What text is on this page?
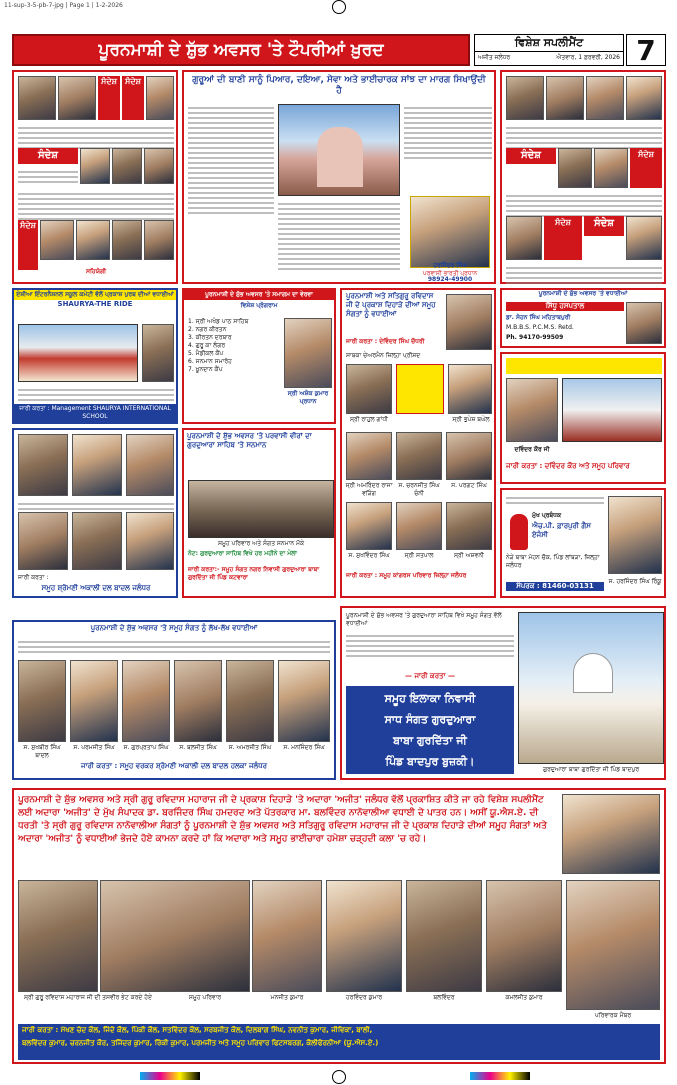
11-sup-3-5-pb-7-jpg | Page 1 | 1-2-2026
ਪੂਰਨਮਾਸ਼ੀ ਦੇ ਸ਼ੁੱਭ ਅਵਸਰ 'ਤੇ ਟੌਪਰੀਆਂ ਖ਼ੁਰਦ	ਵਿਸ਼ੇਸ਼ ਸਪਲੀਮੈਂਟ
ਅਜੀਤ ਜਲੰਧਰ	ਐਤਵਾਰ, 1 ਫ਼ਰਵਰੀ, 2026 7
ਸੰਦੇਸ਼	ਸੰਦੇਸ਼
ਸੰਦੇਸ਼
ਸੰਦੇਸ਼
ਸਹਿਯੋਗੀ
ਗੁਰੂਆਂ ਦੀ ਬਾਣੀ ਸਾਨੂੰ ਪਿਆਰ, ਦਇਆ, ਸੇਵਾ ਅਤੇ ਭਾਈਚਾਰਕ ਸਾਂਝ ਦਾ ਮਾਰਗ ਸਿਖਾਉਂਦੀ ਹੈ
ਹਰਜਿੰਦਰ ਸਿੰਘ
ਪਰਵਾਸੀ ਭਾਰਤੀ ਪ੍ਰਧਾਨ
98924-49900
ਸੰਦੇਸ਼	ਸੰਦੇਸ਼
ਸੰਦੇਸ਼	ਸੰਦੇਸ਼
ਏਸ਼ੀਆ ਇੰਟਰਨੈਸ਼ਨਲ ਸਕੂਲ ਕਮੇਟੀ ਵੱਲੋਂ ਪ੍ਰਕਾਸ਼ ਪੁਰਬ ਦੀਆਂ ਵਧਾਈਆਂ
SHAURYA-THE RIDE
ਜਾਰੀ ਕਰਤਾ : Management SHAURYA INTERNATIONAL SCHOOL
ਪੂਰਨਮਾਸ਼ੀ ਦੇ ਸ਼ੁੱਭ ਅਵਸਰ 'ਤੇ ਸਮਾਗਮ ਦਾ ਵੇਰਵਾ
ਵਿਸ਼ੇਸ਼ ਪ੍ਰੋਗਰਾਮ
1. ਸ੍ਰੀ ਅਖੰਡ ਪਾਠ ਸਾਹਿਬ
2. ਨਗਰ ਕੀਰਤਨ
3. ਕੀਰਤਨ ਦਰਬਾਰ
4. ਗੁਰੂ ਕਾ ਲੰਗਰ
5. ਮੈਡੀਕਲ ਕੈਂਪ
6. ਸਨਮਾਨ ਸਮਾਰੋਹ
7. ਖ਼ੂਨਦਾਨ ਕੈਂਪ
ਸ੍ਰੀ ਅਸ਼ੋਕ ਕੁਮਾਰ ਪ੍ਰਧਾਨ
ਪੂਰਨਮਾਸ਼ੀ ਅਤੇ ਸਤਿਗੁਰੂ ਰਵਿਦਾਸ ਜੀ ਦੇ ਪ੍ਰਕਾਸ਼ ਦਿਹਾੜੇ ਦੀਆਂ ਸਮੂਹ ਸੰਗਤਾਂ ਨੂੰ ਵਧਾਈਆਂ
ਜਾਰੀ ਕਰਤਾ : ਦੇਵਿੰਦਰ ਸਿੰਘ ਚੌਧਰੀ
ਸਾਬਕਾ ਚੇਅਰਮੈਨ ਜ਼ਿਲ੍ਹਾ ਪ੍ਰੀਸ਼ਦ
ਸ੍ਰੀ ਰਾਹੁਲ ਗਾਂਧੀ	ਸ੍ਰੀ ਭੁਪੇਸ਼ ਬਘੇਲ
ਸ੍ਰੀ ਅਮਰਿੰਦਰ ਰਾਜਾ ਵੜਿੰਗ
ਸ. ਚਰਨਜੀਤ ਸਿੰਘ ਚੰਨੀ
ਸ. ਪਰਗਟ ਸਿੰਘ
ਸ. ਸੁਖਵਿੰਦਰ ਸਿੰਘ	ਸ੍ਰੀ ਸਤਪਾਲ	ਸ੍ਰੀ ਅਸ਼ਵਨੀ
ਜਾਰੀ ਕਰਤਾ : ਸਮੂਹ ਕਾਂਗਰਸ ਪਰਿਵਾਰ ਜ਼ਿਲ੍ਹਾ ਜਲੰਧਰ
ਪੂਰਨਮਾਸ਼ੀ ਦੇ ਸ਼ੁੱਭ ਅਵਸਰ 'ਤੇ ਵਧਾਈਆਂ
ਸਿੱਧੂ ਹਸਪਤਾਲ
ਡਾ. ਸੋਹਨ ਸਿੰਘ ਮਹਿਤਾਬਪੁਰੀ
M.B.B.S. P.C.M.S. Retd.
Ph. 94170-99509
ਦਵਿੰਦਰ ਕੌਰ ਜੀ
ਜਾਰੀ ਕਰਤਾ : ਦਵਿੰਦਰ ਕੌਰ ਅਤੇ ਸਮੂਹ ਪਰਿਵਾਰ
ਮੁੱਖ ਪ੍ਰਬੰਧਕ
ਐਚ.ਪੀ. ਫ਼ਾਰਪੁਰੀ ਗੈਸ ਏਜੰਸੀ
ਨੇੜੇ ਬਾਬਾ ਮੋਹਨ ਚੌਕ, ਪਿੰਡ ਲਾਂਬੜਾ, ਜ਼ਿਲ੍ਹਾ ਜਲੰਧਰ
ਸੰਪਰਕ : 81460-03131
ਸ. ਹਰਜਿੰਦਰ ਸਿੰਘ ਰਿੰਕੂ
ਜਾਰੀ ਕਰਤਾ :
ਸਮੂਹ ਸ਼੍ਰੋਮਣੀ ਅਕਾਲੀ ਦਲ ਬਾਦਲ ਜਲੰਧਰ
ਪੂਰਨਮਾਸ਼ੀ ਦੇ ਸ਼ੁੱਭ ਅਵਸਰ 'ਤੇ ਪਰਵਾਸੀ ਵੀਰਾਂ ਦਾ ਗੁਰਦੁਆਰਾ ਸਾਹਿਬ 'ਤੇ ਸਨਮਾਨ
ਸਮੂਹ ਪਰਿਵਾਰ ਅਤੇ ਸੰਗਤ ਸਨਮਾਨ ਮੌਕੇ
ਨੋਟ: ਗੁਰਦੁਆਰਾ ਸਾਹਿਬ ਵਿਖੇ ਹਰ ਮਹੀਨੇ ਦਾ ਮੇਲਾ
ਜਾਰੀ ਕਰਤਾ:- ਸਮੂਹ ਸੰਗਤ ਨਗਰ ਨਿਵਾਸੀ ਗੁਰਦੁਆਰਾ ਬਾਬਾ ਗੁਰਦਿੱਤਾ ਜੀ ਪਿੰਡ ਕਟਵਾਰਾ
ਪੂਰਨਮਾਸ਼ੀ ਦੇ ਸ਼ੁੱਭ ਅਵਸਰ 'ਤੇ ਸਮੂਹ ਸੰਗਤ ਨੂੰ ਲੱਖ-ਲੱਖ ਵਧਾਈਆਂ
ਸ. ਸੁਖਬੀਰ ਸਿੰਘ ਬਾਦਲ
ਸ. ਪਰਮਜੀਤ ਸਿੰਘ	ਸ. ਗੁਰਪ੍ਰਤਾਪ ਸਿੰਘ	ਸ. ਬਲਜੀਤ ਸਿੰਘ	ਸ. ਅਮਰਜੀਤ ਸਿੰਘ	ਸ. ਮਨਜਿੰਦਰ ਸਿੰਘ
ਜਾਰੀ ਕਰਤਾ : ਸਮੂਹ ਵਰਕਰ ਸ਼੍ਰੋਮਣੀ ਅਕਾਲੀ ਦਲ ਬਾਦਲ ਹਲਕਾ ਜਲੰਧਰ
ਪੂਰਨਮਾਸ਼ੀ ਦੇ ਸ਼ੁੱਭ ਅਵਸਰ 'ਤੇ ਗੁਰਦੁਆਰਾ ਸਾਹਿਬ ਵਿਖੇ ਸਮੂਹ ਸੰਗਤ ਵੱਲੋਂ ਵਧਾਈਆਂ
— ਜਾਰੀ ਕਰਤਾ —
ਸਮੂਹ ਇਲਾਕਾ ਨਿਵਾਸੀ
ਸਾਧ ਸੰਗਤ ਗੁਰਦੁਆਰਾ
ਬਾਬਾ ਗੁਰਦਿੱਤਾ ਜੀ
ਪਿੰਡ ਬਾਦਪੁਰ ਬੁਜ਼ਕੀ।
ਗੁਰਦੁਆਰਾ ਬਾਬਾ ਗੁਰਦਿੱਤਾ ਜੀ ਪਿੰਡ ਬਾਦਪੁਰ
ਪੂਰਨਮਾਸ਼ੀ ਦੇ ਸ਼ੁੱਭ ਅਵਸਰ ਅਤੇ ਸ੍ਰੀ ਗੁਰੂ ਰਵਿਦਾਸ ਮਹਾਰਾਜ ਜੀ ਦੇ ਪ੍ਰਕਾਸ਼ ਦਿਹਾੜੇ 'ਤੇ ਅਦਾਰਾ 'ਅਜੀਤ' ਜਲੰਧਰ ਵੱਲੋਂ ਪ੍ਰਕਾਸ਼ਿਤ ਕੀਤੇ ਜਾ ਰਹੇ ਵਿਸ਼ੇਸ਼ ਸਪਲੀਮੈਂਟ ਲਈ ਅਦਾਰਾ 'ਅਜੀਤ' ਦੇ ਮੁੱਖ ਸੰਪਾਦਕ ਡਾ. ਬਰਜਿੰਦਰ ਸਿੰਘ ਹਮਦਰਦ ਅਤੇ ਪੱਤਰਕਾਰ ਮਾ. ਬਲਵਿੰਦਰ ਨਾਨੋਵਾਲੀਆ ਵਧਾਈ ਦੇ ਪਾਤਰ ਹਨ। ਅਸੀਂ ਯੂ.ਐਸ.ਏ. ਦੀ ਧਰਤੀ 'ਤੇ ਸ੍ਰੀ ਗੁਰੂ ਰਵਿਦਾਸ ਨਾਨੋਵਾਲੀਆ ਸੰਗਤਾਂ ਨੂੰ ਪੂਰਨਮਾਸ਼ੀ ਦੇ ਸ਼ੁੱਭ ਅਵਸਰ ਅਤੇ ਸਤਿਗੁਰੂ ਰਵਿਦਾਸ ਮਹਾਰਾਜ ਜੀ ਦੇ ਪ੍ਰਕਾਸ਼ ਦਿਹਾੜੇ ਦੀਆਂ ਸਮੂਹ ਸੰਗਤਾਂ ਅਤੇ ਅਦਾਰਾ 'ਅਜੀਤ' ਨੂੰ ਵਧਾਈਆਂ ਭੇਜਦੇ ਹੋਏ ਕਾਮਨਾ ਕਰਦੇ ਹਾਂ ਕਿ ਅਦਾਰਾ ਅਤੇ ਸਮੂਹ ਭਾਈਚਾਰਾ ਹਮੇਸ਼ਾ ਚੜ੍ਹਦੀ ਕਲਾ 'ਚ ਰਹੇ।
ਸ੍ਰੀ ਗੁਰੂ ਰਵਿਦਾਸ ਮਹਾਰਾਜ ਜੀ ਦੀ ਤਸਵੀਰ ਭੇਟ ਕਰਦੇ ਹੋਏ	ਸਮੂਹ ਪਰਿਵਾਰ	ਮਨਜੀਤ ਕੁਮਾਰ	ਹਰਵਿੰਦਰ ਕੁਮਾਰ	ਬਲਵਿੰਦਰ	ਕਮਲਜੀਤ ਕੁਮਾਰ
ਪਰਿਵਾਰਕ ਮੈਂਬਰ
ਜਾਰੀ ਕਰਤਾ : ਮੱਖਣ ਚੰਦ ਕੌਲ, ਜਿੰਦੋ ਕੌਲ, ਪਿੰਕੀ ਕੌਲ, ਸਤਵਿੰਦਰ ਕੌਲ, ਸਰਬਜੀਤ ਕੌਲ, ਦਿਲਬਾਗ ਸਿੰਘ, ਨਵਨੀਤ ਕੁਮਾਰ, ਜੀਵਿਕਾ, ਬਾਲੀ,
ਬਲਵਿੰਦਰ ਕੁਮਾਰ, ਚਰਨਜੀਤ ਕੌਰ, ਤਜਿੰਦਰ ਕੁਮਾਰ, ਰਿੰਕੀ ਕੁਮਾਰ, ਪਰਮਜੀਤ ਅਤੇ ਸਮੂਹ ਪਰਿਵਾਰ ਫਿਟਸਬਰਗ, ਕੈਲੀਫੋਰਨੀਆ (ਯੂ.ਐਸ.ਏ.)
